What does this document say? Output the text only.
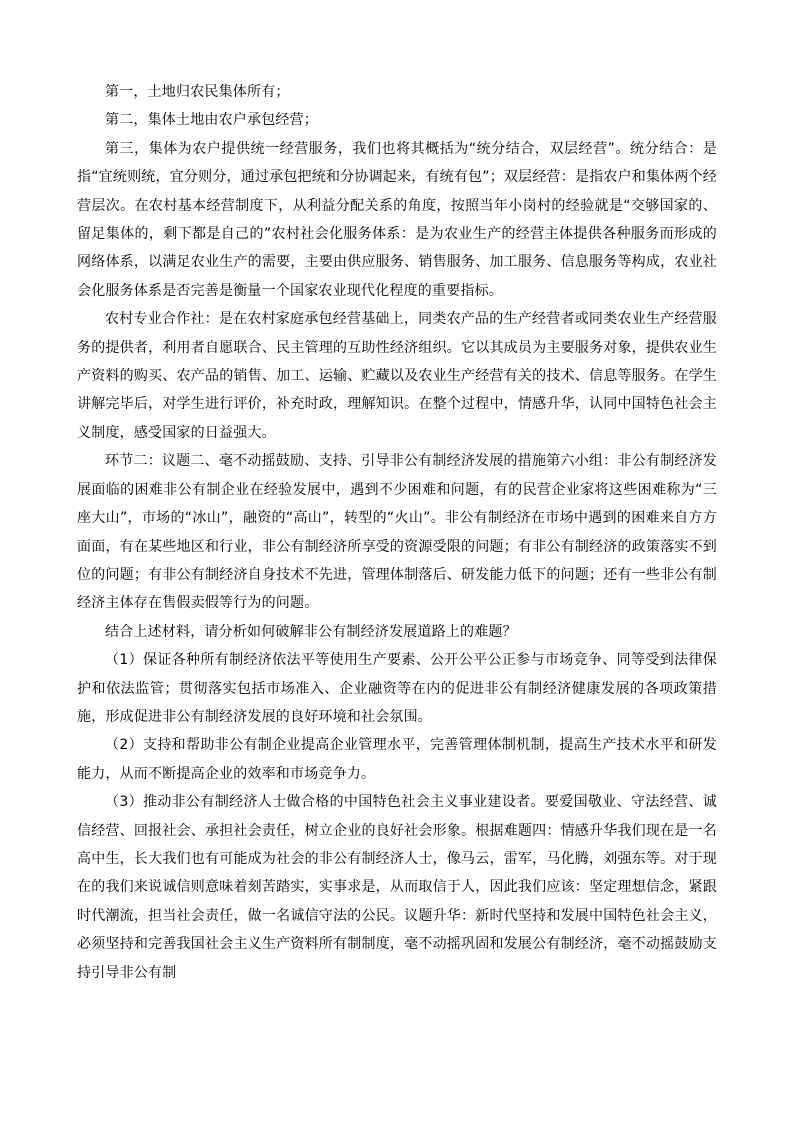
第一，土地归农民集体所有；

第二，集体土地由农户承包经营；

第三，集体为农户提供统一经营服务，我们也将其概括为“统分结合，双层经营”。统分结合：是指“宜统则统，宜分则分，通过承包把统和分协调起来，有统有包”；双层经营：是指农户和集体两个经营层次。在农村基本经营制度下，从利益分配关系的角度，按照当年小岗村的经验就是“交够国家的、留足集体的，剩下都是自己的”农村社会化服务体系：是为农业生产的经营主体提供各种服务而形成的网络体系，以满足农业生产的需要，主要由供应服务、销售服务、加工服务、信息服务等构成，农业社会化服务体系是否完善是衡量一个国家农业现代化程度的重要指标。

农村专业合作社：是在农村家庭承包经营基础上，同类农产品的生产经营者或同类农业生产经营服务的提供者，利用者自愿联合、民主管理的互助性经济组织。它以其成员为主要服务对象，提供农业生产资料的购买、农产品的销售、加工、运输、贮藏以及农业生产经营有关的技术、信息等服务。在学生讲解完毕后，对学生进行评价，补充时政，理解知识。在整个过程中，情感升华，认同中国特色社会主义制度，感受国家的日益强大。

环节二：议题二、毫不动摇鼓励、支持、引导非公有制经济发展的措施第六小组：非公有制经济发展面临的困难非公有制企业在经验发展中，遇到不少困难和问题，有的民营企业家将这些困难称为“三座大山”，市场的“冰山”，融资的“高山”，转型的“火山”。非公有制经济在市场中遇到的困难来自方方面面，有在某些地区和行业，非公有制经济所享受的资源受限的问题；有非公有制经济的政策落实不到位的问题；有非公有制经济自身技术不先进，管理体制落后、研发能力低下的问题；还有一些非公有制经济主体存在售假卖假等行为的问题。

结合上述材料，请分析如何破解非公有制经济发展道路上的难题？

（1）保证各种所有制经济依法平等使用生产要素、公开公平公正参与市场竞争、同等受到法律保护和依法监管；贯彻落实包括市场准入、企业融资等在内的促进非公有制经济健康发展的各项政策措施，形成促进非公有制经济发展的良好环境和社会氛围。

（2）支持和帮助非公有制企业提高企业管理水平，完善管理体制机制，提高生产技术水平和研发能力，从而不断提高企业的效率和市场竞争力。

（3）推动非公有制经济人士做合格的中国特色社会主义事业建设者。要爱国敬业、守法经营、诚信经营、回报社会、承担社会责任，树立企业的良好社会形象。根据难题四：情感升华我们现在是一名高中生，长大我们也有可能成为社会的非公有制经济人士，像马云，雷军，马化腾，刘强东等。对于现在的我们来说诚信则意味着刻苦踏实，实事求是，从而取信于人，因此我们应该：坚定理想信念，紧跟时代潮流，担当社会责任，做一名诚信守法的公民。议题升华：新时代坚持和发展中国特色社会主义，必须坚持和完善我国社会主义生产资料所有制制度，毫不动摇巩固和发展公有制经济，毫不动摇鼓励支持引导非公有制
